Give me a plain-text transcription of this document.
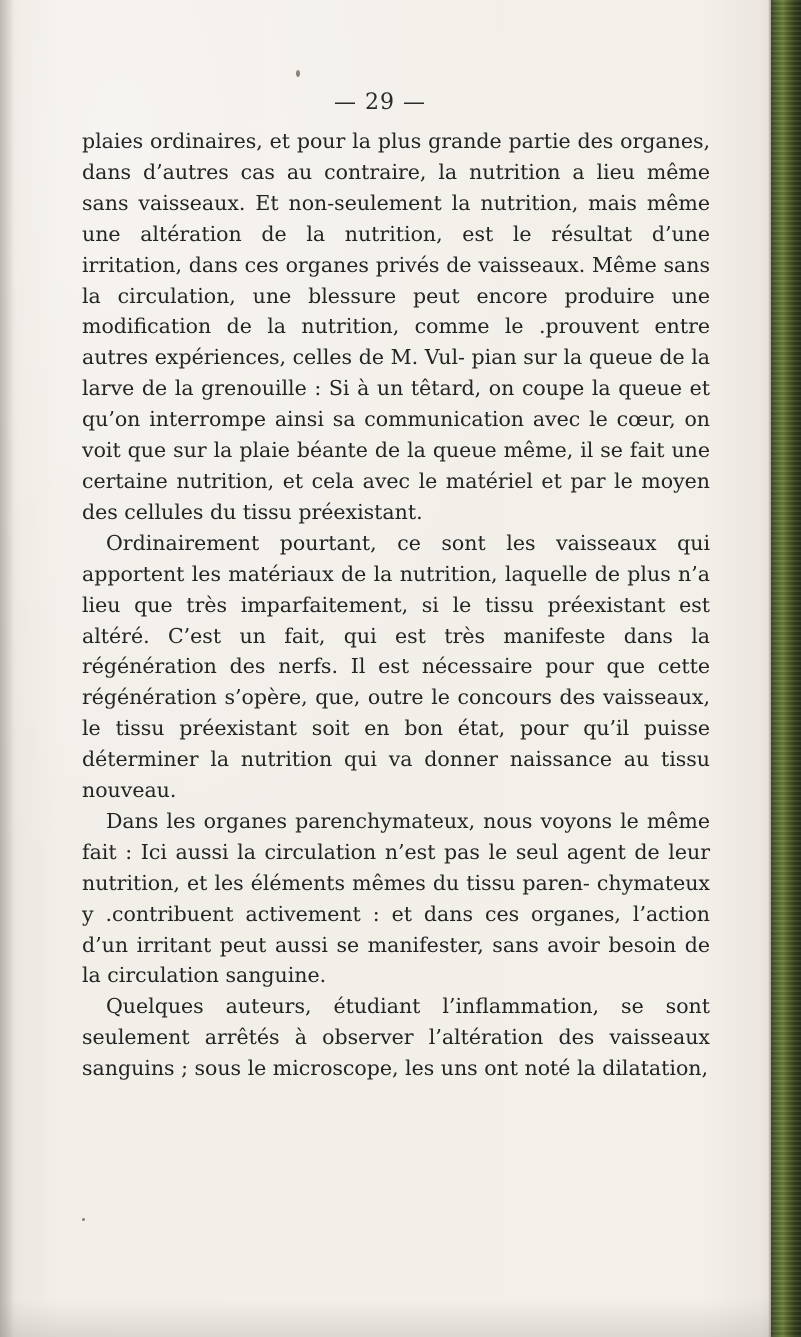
— 29 —

plaies ordinaires, et pour la plus grande partie des organes, dans d’autres cas au contraire, la nutrition a lieu même sans vaisseaux. Et non-seulement la nutrition, mais même une altération de la nutrition, est le résultat d’une irritation, dans ces organes privés de vaisseaux. Même sans la circulation, une blessure peut encore produire une modification de la nutrition, comme le .prouvent entre autres expériences, celles de M. Vul- pian sur la queue de la larve de la grenouille : Si à un têtard, on coupe la queue et qu’on interrompe ainsi sa communication avec le cœur, on voit que sur la plaie béante de la queue même, il se fait une certaine nutrition, et cela avec le matériel et par le moyen des cellules du tissu préexistant.

Ordinairement pourtant, ce sont les vaisseaux qui apportent les matériaux de la nutrition, laquelle de plus n’a lieu que très imparfaitement, si le tissu préexistant est altéré. C’est un fait, qui est très manifeste dans la régénération des nerfs. Il est nécessaire pour que cette régénération s’opère, que, outre le concours des vaisseaux, le tissu préexistant soit en bon état, pour qu’il puisse déterminer la nutrition qui va donner naissance au tissu nouveau.

Dans les organes parenchymateux, nous voyons le même fait : Ici aussi la circulation n’est pas le seul agent de leur nutrition, et les éléments mêmes du tissu paren- chymateux y .contribuent activement : et dans ces organes, l’action d’un irritant peut aussi se manifester, sans avoir besoin de la circulation sanguine.

Quelques auteurs, étudiant l’inflammation, se sont seulement arrêtés à observer l’altération des vaisseaux sanguins ; sous le microscope, les uns ont noté la dilatation,
